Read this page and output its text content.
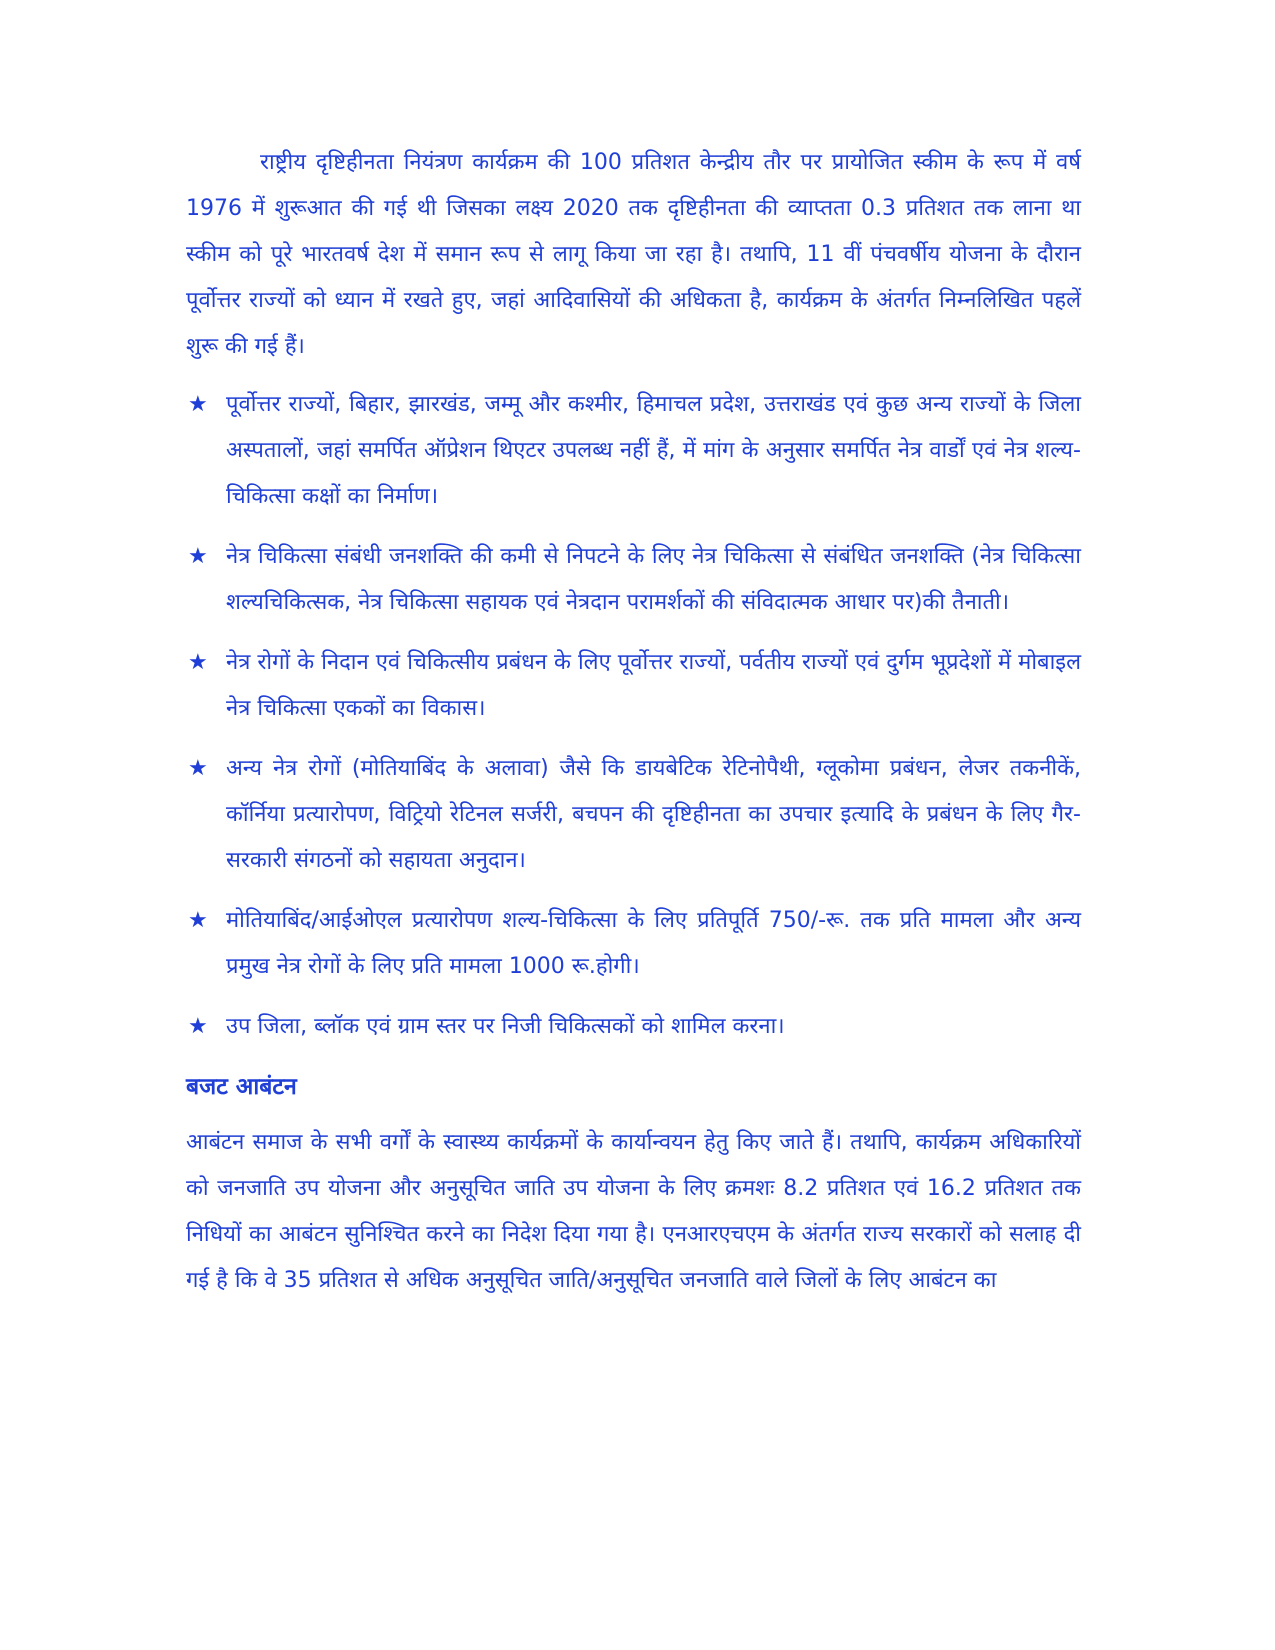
राष्ट्रीय दृष्टिहीनता नियंत्रण कार्यक्रम की 100 प्रतिशत केन्द्रीय तौर पर प्रायोजित स्कीम के रूप में वर्ष 1976 में शुरूआत की गई थी जिसका लक्ष्य 2020 तक दृष्टिहीनता की व्याप्तता 0.3 प्रतिशत तक लाना था स्कीम को पूरे भारतवर्ष देश में समान रूप से लागू किया जा रहा है। तथापि, 11 वीं पंचवर्षीय योजना के दौरान पूर्वोत्तर राज्यों को ध्यान में रखते हुए, जहां आदिवासियों की अधिकता है, कार्यक्रम के अंतर्गत निम्नलिखित पहलें शुरू की गई हैं।

★ पूर्वोत्तर राज्यों, बिहार, झारखंड, जम्मू और कश्मीर, हिमाचल प्रदेश, उत्तराखंड एवं कुछ अन्य राज्यों के जिला अस्पतालों, जहां समर्पित ऑप्रेशन थिएटर उपलब्ध नहीं हैं, में मांग के अनुसार समर्पित नेत्र वार्डों एवं नेत्र शल्य-चिकित्सा कक्षों का निर्माण।
★ नेत्र चिकित्सा संबंधी जनशक्ति की कमी से निपटने के लिए नेत्र चिकित्सा से संबंधित जनशक्ति (नेत्र चिकित्सा शल्यचिकित्सक, नेत्र चिकित्सा सहायक एवं नेत्रदान परामर्शकों की संविदात्मक आधार पर)की तैनाती।
★ नेत्र रोगों के निदान एवं चिकित्सीय प्रबंधन के लिए पूर्वोत्तर राज्यों, पर्वतीय राज्यों एवं दुर्गम भूप्रदेशों में मोबाइल नेत्र चिकित्सा एककों का विकास।
★ अन्य नेत्र रोगों (मोतियाबिंद के अलावा) जैसे कि डायबेटिक रेटिनोपैथी, ग्लूकोमा प्रबंधन, लेजर तकनीकें, कॉर्निया प्रत्यारोपण, विट्रियो रेटिनल सर्जरी, बचपन की दृष्टिहीनता का उपचार इत्यादि के प्रबंधन के लिए गैर-सरकारी संगठनों को सहायता अनुदान।
★ मोतियाबिंद/आईओएल प्रत्यारोपण शल्य-चिकित्सा के लिए प्रतिपूर्ति 750/-रू. तक प्रति मामला और अन्य प्रमुख नेत्र रोगों के लिए प्रति मामला 1000 रू.होगी।
★ उप जिला, ब्लॉक एवं ग्राम स्तर पर निजी चिकित्सकों को शामिल करना।
बजट आबंटन

आबंटन समाज के सभी वर्गों के स्वास्थ्य कार्यक्रमों के कार्यान्वयन हेतु किए जाते हैं। तथापि, कार्यक्रम अधिकारियों को जनजाति उप योजना और अनुसूचित जाति उप योजना के लिए क्रमशः 8.2 प्रतिशत एवं 16.2 प्रतिशत तक निधियों का आबंटन सुनिश्चित करने का निदेश दिया गया है। एनआरएचएम के अंतर्गत राज्य सरकारों को सलाह दी गई है कि वे 35 प्रतिशत से अधिक अनुसूचित जाति/अनुसूचित जनजाति वाले जिलों के लिए आबंटन का
